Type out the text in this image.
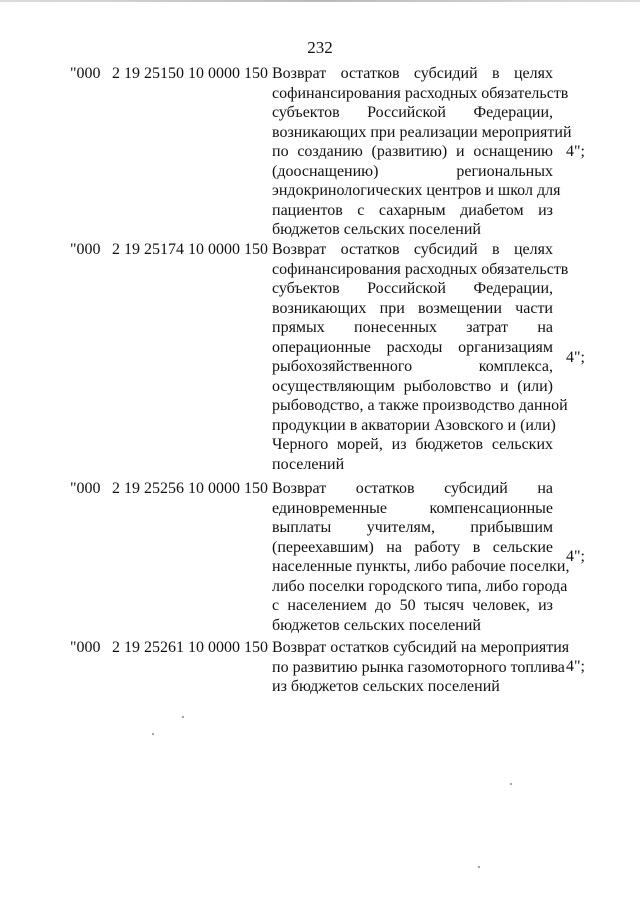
232
"000 2 19 25150 10 0000 150 Возврат остатков субсидий в целях
софинансирования расходных обязательств
субъектов Российской Федерации,
возникающих при реализации мероприятий
по созданию (развитию) и оснащению
(дооснащению) региональных
эндокринологических центров и школ для
пациентов с сахарным диабетом из
бюджетов сельских поселений
4";
"000 2 19 25174 10 0000 150 Возврат остатков субсидий в целях
софинансирования расходных обязательств
субъектов Российской Федерации,
возникающих при возмещении части
прямых понесенных затрат на
операционные расходы организациям
рыбохозяйственного комплекса,
осуществляющим рыболовство и (или)
рыбоводство, а также производство данной
продукции в акватории Азовского и (или)
Черного морей, из бюджетов сельских
поселений
4";
"000 2 19 25256 10 0000 150 Возврат остатков субсидий на
единовременные компенсационные
выплаты учителям, прибывшим
(переехавшим) на работу в сельские
населенные пункты, либо рабочие поселки,
либо поселки городского типа, либо города
с населением до 50 тысяч человек, из
бюджетов сельских поселений
4";
"000 2 19 25261 10 0000 150 Возврат остатков субсидий на мероприятия
по развитию рынка газомоторного топлива
из бюджетов сельских поселений
4";
